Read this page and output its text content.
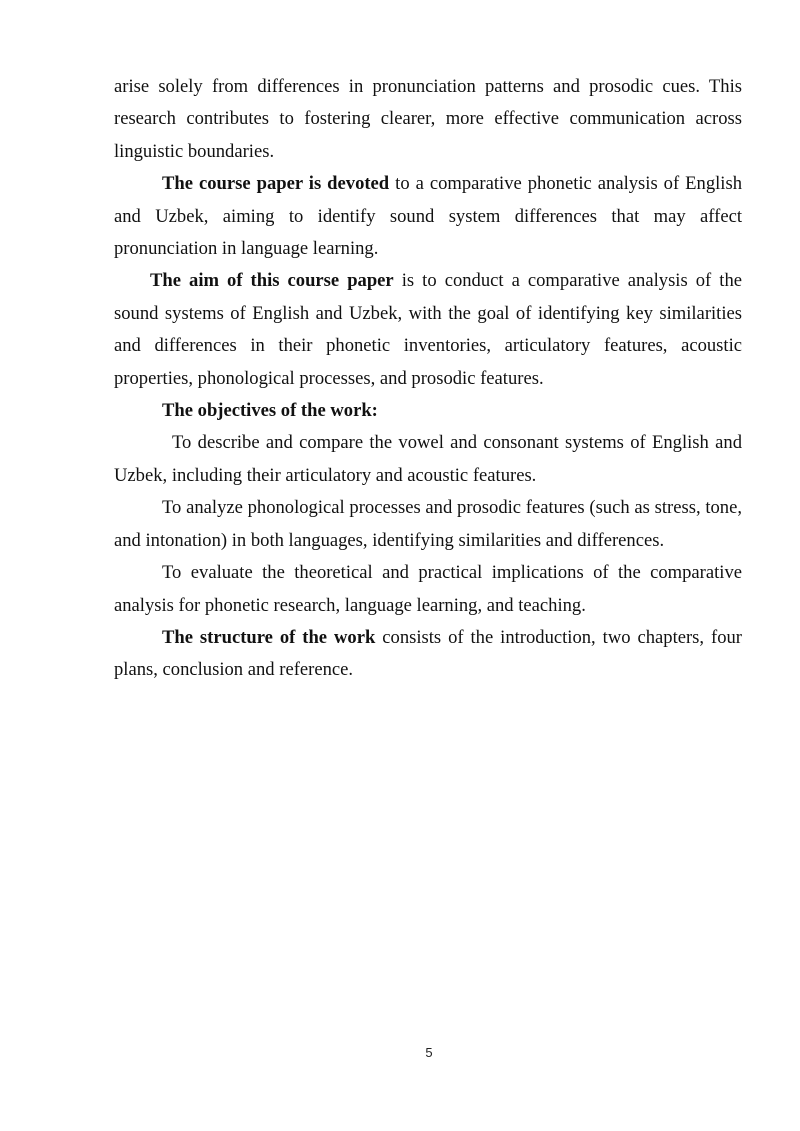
arise solely from differences in pronunciation patterns and prosodic cues. This research contributes to fostering clearer, more effective communication across linguistic boundaries.

The course paper is devoted to a comparative phonetic analysis of English and Uzbek, aiming to identify sound system differences that may affect pronunciation in language learning.

The aim of this course paper is to conduct a comparative analysis of the sound systems of English and Uzbek, with the goal of identifying key similarities and differences in their phonetic inventories, articulatory features, acoustic properties, phonological processes, and prosodic features.

The objectives of the work:

To describe and compare the vowel and consonant systems of English and Uzbek, including their articulatory and acoustic features.

To analyze phonological processes and prosodic features (such as stress, tone, and intonation) in both languages, identifying similarities and differences.

To evaluate the theoretical and practical implications of the comparative analysis for phonetic research, language learning, and teaching.

The structure of the work consists of the introduction, two chapters, four plans, conclusion and reference.

5
